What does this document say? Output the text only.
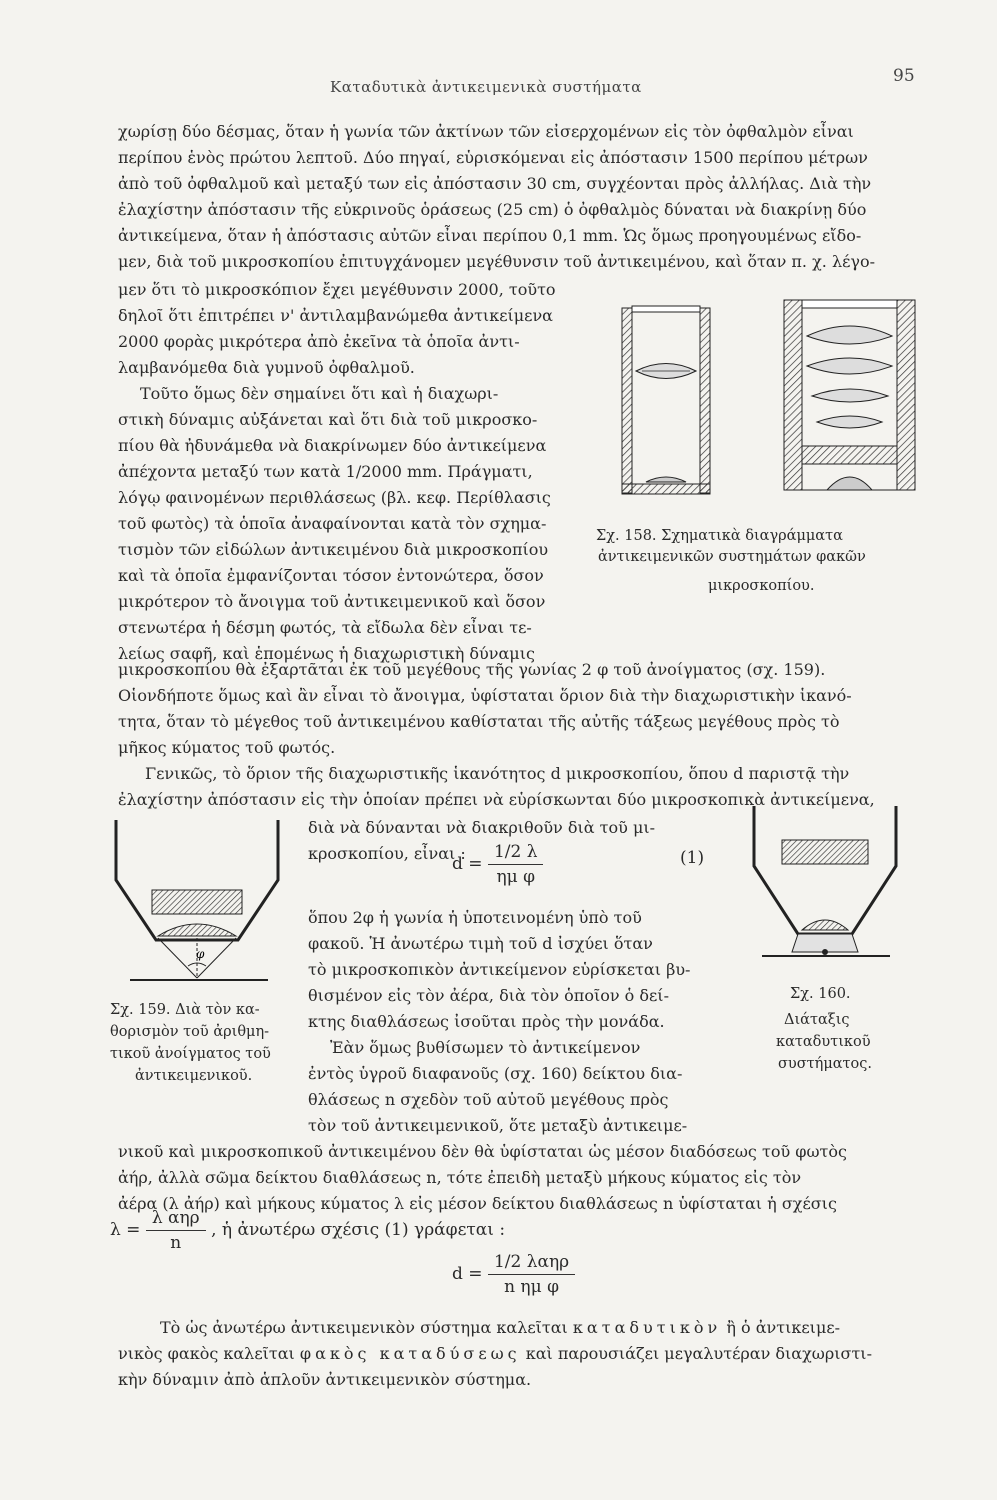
Καταδυτικὰ ἀντικειμενικὰ συστήματα
95
χωρίσῃ δύο δέσμας, ὅταν ἡ γωνία τῶν ἀκτίνων τῶν εἰσερχομένων εἰς τὸν ὀφθαλμὸν εἶναι
περίπου ἑνὸς πρώτου λεπτοῦ. Δύο πηγαί, εὑρισκόμεναι εἰς ἀπόστασιν 1500 περίπου μέτρων
ἀπὸ τοῦ ὀφθαλμοῦ καὶ μεταξύ των εἰς ἀπόστασιν 30 cm, συγχέονται πρὸς ἀλλήλας. Διὰ τὴν
ἐλαχίστην ἀπόστασιν τῆς εὐκρινοῦς ὁράσεως (25 cm) ὁ ὀφθαλμὸς δύναται νὰ διακρίνῃ δύο
ἀντικείμενα, ὅταν ἡ ἀπόστασις αὐτῶν εἶναι περίπου 0,1 mm. Ὡς ὅμως προηγουμένως εἴδο-
μεν, διὰ τοῦ μικροσκοπίου ἐπιτυγχάνομεν μεγέθυνσιν τοῦ ἀντικειμένου, καὶ ὅταν π. χ. λέγο-
μεν ὅτι τὸ μικροσκόπιον ἔχει μεγέθυνσιν 2000, τοῦτο
δηλοῖ ὅτι ἐπιτρέπει ν' ἀντιλαμβανώμεθα ἀντικείμενα
2000 φορὰς μικρότερα ἀπὸ ἐκεῖνα τὰ ὁποῖα ἀντι-
λαμβανόμεθα διὰ γυμνοῦ ὀφθαλμοῦ.
Τοῦτο ὅμως δὲν σημαίνει ὅτι καὶ ἡ διαχωρι-
στικὴ δύναμις αὐξάνεται καὶ ὅτι διὰ τοῦ μικροσκο-
πίου θὰ ἠδυνάμεθα νὰ διακρίνωμεν δύο ἀντικείμενα
ἀπέχοντα μεταξύ των κατὰ 1/2000 mm. Πράγματι,
λόγῳ φαινομένων περιθλάσεως (βλ. κεφ. Περίθλασις
τοῦ φωτὸς) τὰ ὁποῖα ἀναφαίνονται κατὰ τὸν σχημα-
τισμὸν τῶν εἰδώλων ἀντικειμένου διὰ μικροσκοπίου
καὶ τὰ ὁποῖα ἐμφανίζονται τόσον ἐντονώτερα, ὅσον
μικρότερον τὸ ἄνοιγμα τοῦ ἀντικειμενικοῦ καὶ ὅσον
στενωτέρα ἡ δέσμη φωτός, τὰ εἴδωλα δὲν εἶναι τε-
λείως σαφῆ, καὶ ἑπομένως ἡ διαχωριστικὴ δύναμις
Σχ. 158. Σχηματικὰ διαγράμματα
ἀντικειμενικῶν συστημάτων φακῶν
μικροσκοπίου.
μικροσκοπίου θὰ ἐξαρτᾶται ἐκ τοῦ μεγέθους τῆς γωνίας 2 φ τοῦ ἀνοίγματος (σχ. 159).
Οἱονδήποτε ὅμως καὶ ἂν εἶναι τὸ ἄνοιγμα, ὑφίσταται ὅριον διὰ τὴν διαχωριστικὴν ἱκανό-
τητα, ὅταν τὸ μέγεθος τοῦ ἀντικειμένου καθίσταται τῆς αὐτῆς τάξεως μεγέθους πρὸς τὸ
μῆκος κύματος τοῦ φωτός.
Γενικῶς, τὸ ὅριον τῆς διαχωριστικῆς ἱκανότητος d μικροσκοπίου, ὅπου d παριστᾷ τὴν
ἐλαχίστην ἀπόστασιν εἰς τὴν ὁποίαν πρέπει νὰ εὑρίσκωνται δύο μικροσκοπικὰ ἀντικείμενα,
διὰ νὰ δύνανται νὰ διακριθοῦν διὰ τοῦ μι-
κροσκοπίου, εἶναι :
$d = \frac{1/2 \lambda}{\text{ημ φ}}$	(1)
ὅπου 2φ ἡ γωνία ἡ ὑποτεινομένη ὑπὸ τοῦ
φακοῦ. Ἡ ἀνωτέρω τιμὴ τοῦ d ἰσχύει ὅταν
τὸ μικροσκοπικὸν ἀντικείμενον εὑρίσκεται βυ-
θισμένον εἰς τὸν ἀέρα, διὰ τὸν ὁποῖον ὁ δεί-
κτης διαθλάσεως ἰσοῦται πρὸς τὴν μονάδα.
Ἐὰν ὅμως βυθίσωμεν τὸ ἀντικείμενον
ἐντὸς ὑγροῦ διαφανοῦς (σχ. 160) δείκτου δια-
θλάσεως n σχεδὸν τοῦ αὐτοῦ μεγέθους πρὸς
τὸν τοῦ ἀντικειμενικοῦ, ὅτε μεταξὺ ἀντικειμε-
φ
Σχ. 159. Διὰ τὸν κα-
θορισμὸν τοῦ ἀριθμη-
τικοῦ ἀνοίγματος τοῦ
ἀντικειμενικοῦ.
Σχ. 160.
Διάταξις
καταδυτικοῦ
συστήματος.
νικοῦ καὶ μικροσκοπικοῦ ἀντικειμένου δὲν θὰ ὑφίσταται ὡς μέσον διαδόσεως τοῦ φωτὸς
ἀήρ, ἀλλὰ σῶμα δείκτου διαθλάσεως n, τότε ἐπειδὴ μεταξὺ μήκους κύματος εἰς τὸν
ἀέρα (λ ἀήρ) καὶ μήκους κύματος λ εἰς μέσον δείκτου διαθλάσεως n ὑφίσταται ἡ σχέσις
$\lambda = \frac{\text{λ αηρ}}{n}$ , ἡ ἀνωτέρω σχέσις (1) γράφεται :
$d = \frac{\text{1/2 λαηρ}}{\text{n ημ φ}}$
Τὸ ὡς ἀνωτέρω ἀντικειμενικὸν σύστημα καλεῖται καταδυτικὸν ἢ ὁ ἀντικειμε-
νικὸς φακὸς καλεῖται φακὸς καταδύσεως καὶ παρουσιάζει μεγαλυτέραν διαχωριστι-
κὴν δύναμιν ἀπὸ ἁπλοῦν ἀντικειμενικὸν σύστημα.
